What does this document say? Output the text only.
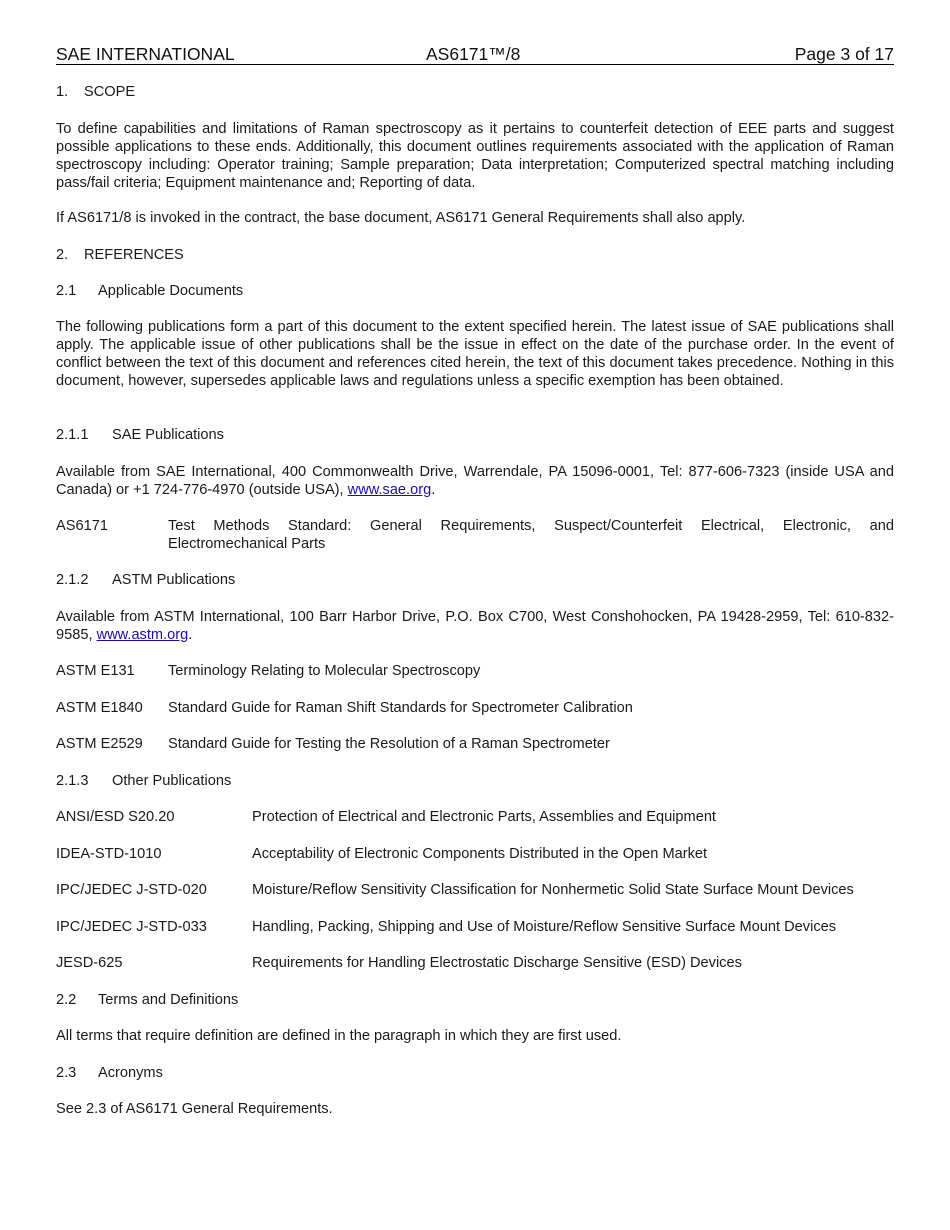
SAE INTERNATIONAL	AS6171™/8	Page 3 of 17
1. SCOPE
To define capabilities and limitations of Raman spectroscopy as it pertains to counterfeit detection of EEE parts and suggest possible applications to these ends. Additionally, this document outlines requirements associated with the application of Raman spectroscopy including: Operator training; Sample preparation; Data interpretation; Computerized spectral matching including pass/fail criteria; Equipment maintenance and; Reporting of data.
If AS6171/8 is invoked in the contract, the base document, AS6171 General Requirements shall also apply.
2. REFERENCES
2.1 Applicable Documents
The following publications form a part of this document to the extent specified herein. The latest issue of SAE publications shall apply. The applicable issue of other publications shall be the issue in effect on the date of the purchase order. In the event of conflict between the text of this document and references cited herein, the text of this document takes precedence. Nothing in this document, however, supersedes applicable laws and regulations unless a specific exemption has been obtained.
2.1.1 SAE Publications
Available from SAE International, 400 Commonwealth Drive, Warrendale, PA 15096-0001, Tel: 877-606-7323 (inside USA and Canada) or +1 724-776-4970 (outside USA), www.sae.org.
AS6171	Test Methods Standard: General Requirements, Suspect/Counterfeit Electrical, Electronic, and
Electromechanical Parts
2.1.2 ASTM Publications
Available from ASTM International, 100 Barr Harbor Drive, P.O. Box C700, West Conshohocken, PA 19428-2959, Tel: 610-832-9585, www.astm.org.
ASTM E131 Terminology Relating to Molecular Spectroscopy
ASTM E1840 Standard Guide for Raman Shift Standards for Spectrometer Calibration
ASTM E2529 Standard Guide for Testing the Resolution of a Raman Spectrometer
2.1.3 Other Publications
ANSI/ESD S20.20	Protection of Electrical and Electronic Parts, Assemblies and Equipment
IDEA-STD-1010	Acceptability of Electronic Components Distributed in the Open Market
IPC/JEDEC J-STD-020	Moisture/Reflow Sensitivity Classification for Nonhermetic Solid State Surface Mount Devices
IPC/JEDEC J-STD-033	Handling, Packing, Shipping and Use of Moisture/Reflow Sensitive Surface Mount Devices
JESD-625	Requirements for Handling Electrostatic Discharge Sensitive (ESD) Devices
2.2 Terms and Definitions
All terms that require definition are defined in the paragraph in which they are first used.
2.3 Acronyms
See 2.3 of AS6171 General Requirements.
